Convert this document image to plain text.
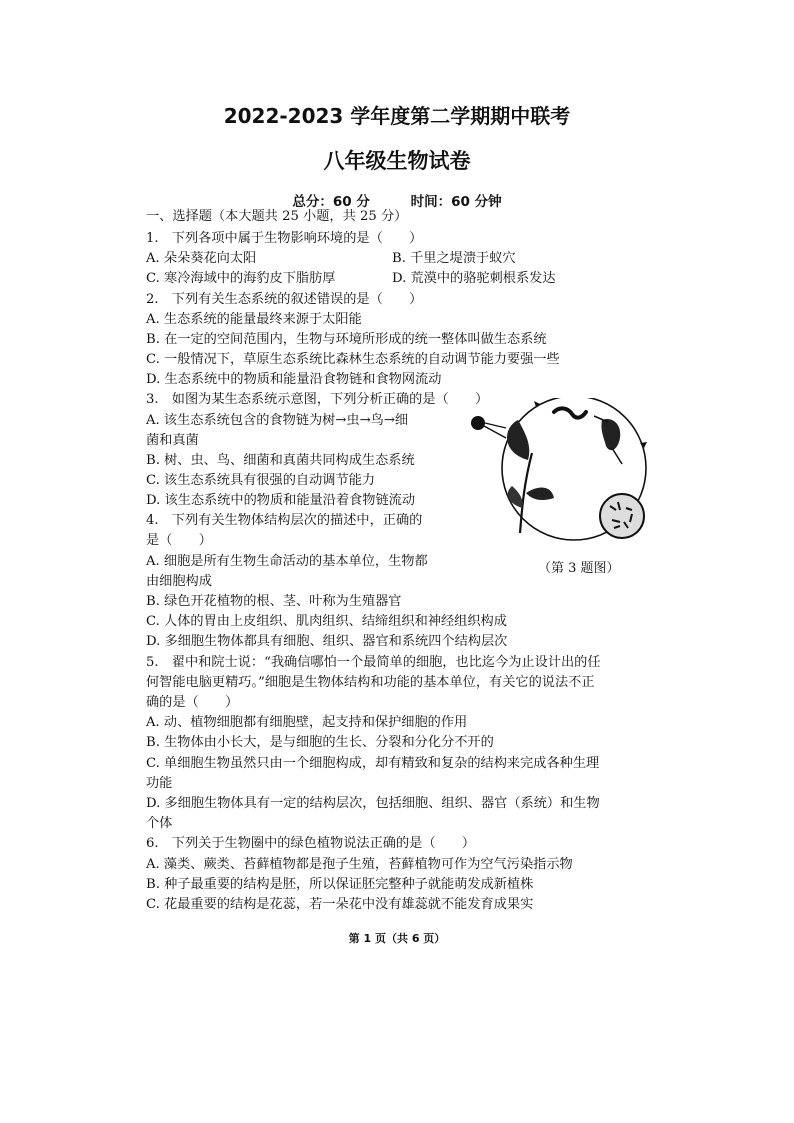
2022-2023 学年度第二学期期中联考
八年级生物试卷
总分：60 分	时间：60 分钟
一、选择题（本大题共 25 小题，共 25 分）
1.　下列各项中属于生物影响环境的是（　　）
A. 朵朵葵花向太阳	B. 千里之堤溃于蚁穴
C. 寒冷海域中的海豹皮下脂肪厚	D. 荒漠中的骆驼刺根系发达
2.　下列有关生态系统的叙述错误的是（　　）
A. 生态系统的能量最终来源于太阳能
B. 在一定的空间范围内，生物与环境所形成的统一整体叫做生态系统
C. 一般情况下，草原生态系统比森林生态系统的自动调节能力要强一些
D. 生态系统中的物质和能量沿食物链和食物网流动
3.　如图为某生态系统示意图，下列分析正确的是（　　）
A. 该生态系统包含的食物链为树→虫→鸟→细
菌和真菌
B. 树、虫、鸟、细菌和真菌共同构成生态系统
C. 该生态系统具有很强的自动调节能力
D. 该生态系统中的物质和能量沿着食物链流动
4.　下列有关生物体结构层次的描述中，正确的
是（　　）
A. 细胞是所有生物生命活动的基本单位，生物都
由细胞构成
（第 3 题图）
B. 绿色开花植物的根、茎、叶称为生殖器官
C. 人体的胃由上皮组织、肌肉组织、结缔组织和神经组织构成
D. 多细胞生物体都具有细胞、组织、器官和系统四个结构层次
5.　翟中和院士说：“我确信哪怕一个最简单的细胞，也比迄今为止设计出的任
何智能电脑更精巧。”细胞是生物体结构和功能的基本单位，有关它的说法不正
确的是（　　）
A. 动、植物细胞都有细胞壁，起支持和保护细胞的作用
B. 生物体由小长大，是与细胞的生长、分裂和分化分不开的
C. 单细胞生物虽然只由一个细胞构成，却有精致和复杂的结构来完成各种生理
功能
D. 多细胞生物体具有一定的结构层次，包括细胞、组织、器官（系统）和生物
个体
6.　下列关于生物圈中的绿色植物说法正确的是（　　）
A. 藻类、蕨类、苔藓植物都是孢子生殖，苔藓植物可作为空气污染指示物
B. 种子最重要的结构是胚，所以保证胚完整种子就能萌发成新植株
C. 花最重要的结构是花蕊，若一朵花中没有雄蕊就不能发育成果实
第 1 页（共 6 页）
